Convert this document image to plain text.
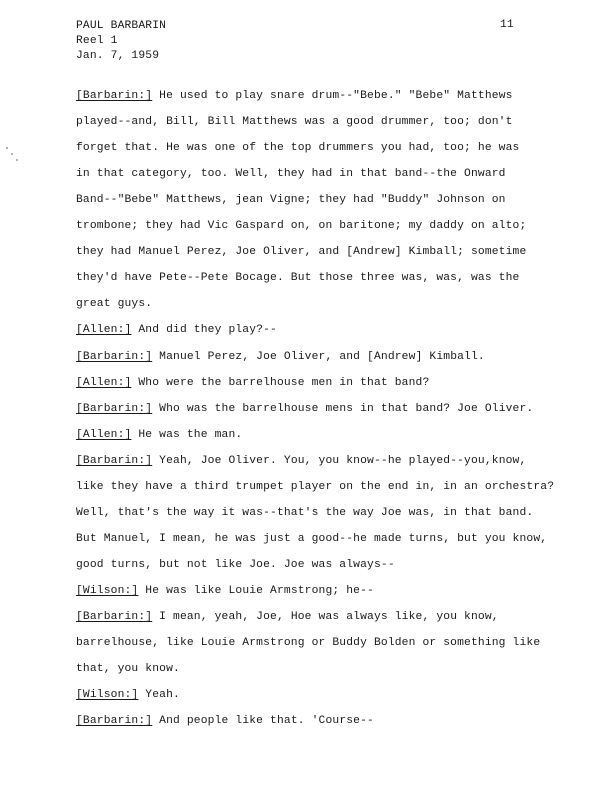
PAUL BARBARIN
Reel 1
Jan. 7, 1959
11
[Barbarin:] He used to play snare drum--"Bebe." "Bebe" Matthews
played--and, Bill, Bill Matthews was a good drummer, too; don't
forget that. He was one of the top drummers you had, too; he was
in that category, too. Well, they had in that band--the Onward
Band--"Bebe" Matthews, jean Vigne; they had "Buddy" Johnson on
trombone; they had Vic Gaspard on, on baritone; my daddy on alto;
they had Manuel Perez, Joe Oliver, and [Andrew] Kimball; sometime
they'd have Pete--Pete Bocage. But those three was, was, was the
great guys.
[Allen:] And did they play?--
[Barbarin:] Manuel Perez, Joe Oliver, and [Andrew] Kimball.
[Allen:] Who were the barrelhouse men in that band?
[Barbarin:] Who was the barrelhouse mens in that band? Joe Oliver.
[Allen:] He was the man.
[Barbarin:] Yeah, Joe Oliver. You, you know--he played--you,know,
like they have a third trumpet player on the end in, in an orchestra?
Well, that's the way it was--that's the way Joe was, in that band.
But Manuel, I mean, he was just a good--he made turns, but you know,
good turns, but not like Joe. Joe was always--
[Wilson:] He was like Louie Armstrong; he--
[Barbarin:] I mean, yeah, Joe, Hoe was always like, you know,
barrelhouse, like Louie Armstrong or Buddy Bolden or something like
that, you know.
[Wilson:] Yeah.
[Barbarin:] And people like that. 'Course--
